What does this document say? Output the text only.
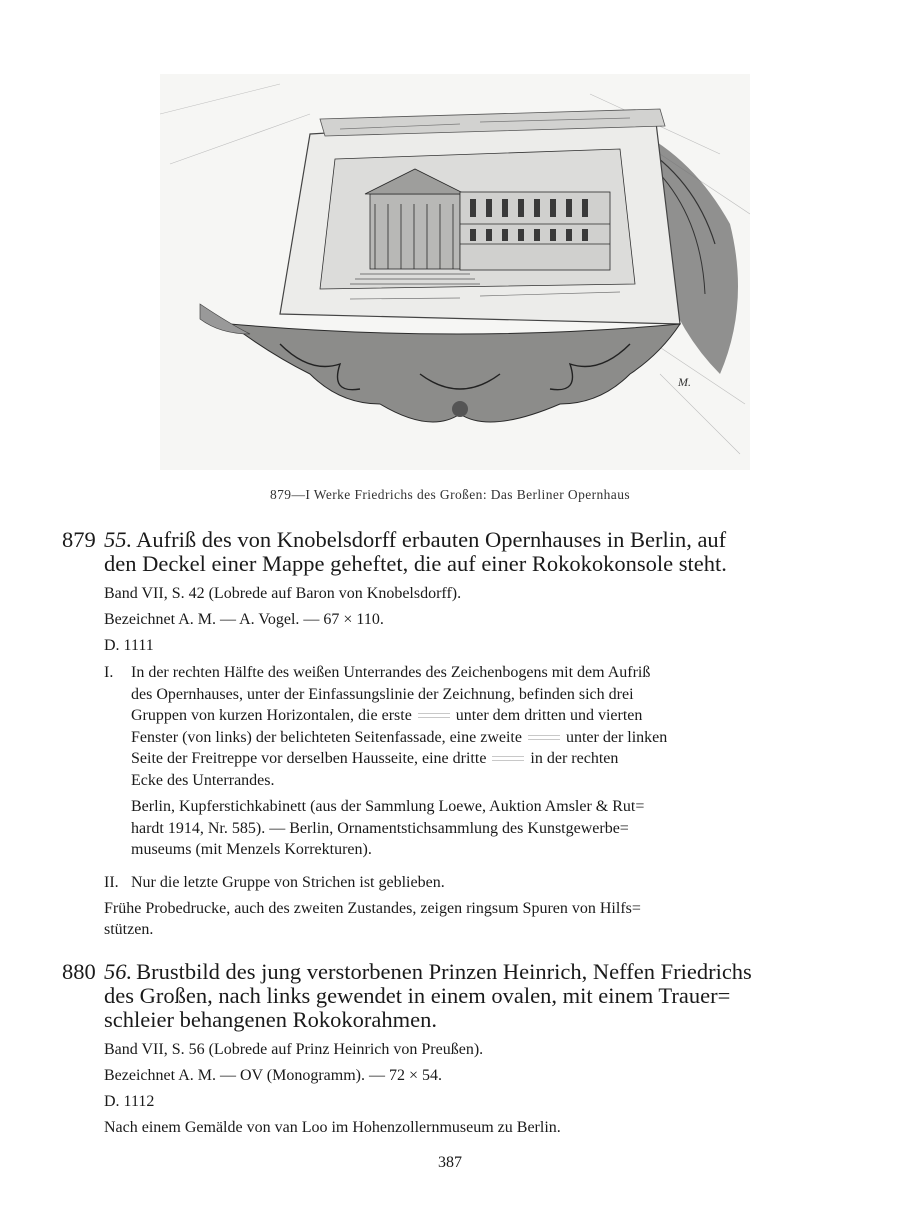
M.
879—I Werke Friedrichs des Großen: Das Berliner Opernhaus
879 55. Aufriß des von Knobelsdorff erbauten Opernhauses in Berlin, auf
den Deckel einer Mappe geheftet, die auf einer Rokokokonsole steht.
Band VII, S. 42 (Lobrede auf Baron von Knobelsdorff).
Bezeichnet A. M. — A. Vogel. — 67 × 110.
D. 1111
I. In der rechten Hälfte des weißen Unterrandes des Zeichenbogens mit dem Aufriß
des Opernhauses, unter der Einfassungslinie der Zeichnung, befinden sich drei
Gruppen von kurzen Horizontalen, die erste	unter dem dritten und vierten
Fenster (von links) der belichteten Seitenfassade, eine zweite	unter der linken
Seite der Freitreppe vor derselben Hausseite, eine dritte	in der rechten
Ecke des Unterrandes.
Berlin, Kupferstichkabinett (aus der Sammlung Loewe, Auktion Amsler & Rut=
hardt 1914, Nr. 585). — Berlin, Ornamentstichsammlung des Kunstgewerbe=
museums (mit Menzels Korrekturen).
II. Nur die letzte Gruppe von Strichen ist geblieben.
Frühe Probedrucke, auch des zweiten Zustandes, zeigen ringsum Spuren von Hilfs=
stützen.
880 56. Brustbild des jung verstorbenen Prinzen Heinrich, Neffen Friedrichs
des Großen, nach links gewendet in einem ovalen, mit einem Trauer=
schleier behangenen Rokokorahmen.
Band VII, S. 56 (Lobrede auf Prinz Heinrich von Preußen).
Bezeichnet A. M. — OV (Monogramm). — 72 × 54.
D. 1112
Nach einem Gemälde von van Loo im Hohenzollernmuseum zu Berlin.
387
